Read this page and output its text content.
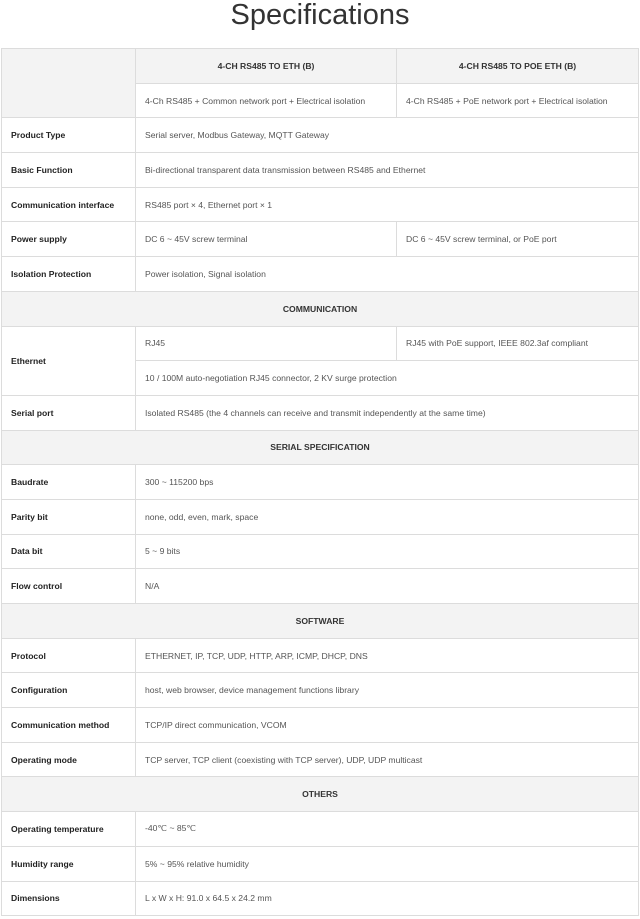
Specifications
	4-CH RS485 TO ETH (B)	4-CH RS485 TO POE ETH (B)
	4-Ch RS485 + Common network port + Electrical isolation	4-Ch RS485 + PoE network port + Electrical isolation
Product Type	Serial server, Modbus Gateway, MQTT Gateway	
Basic Function	Bi-directional transparent data transmission between RS485 and Ethernet	
Communication interface	RS485 port × 4, Ethernet port × 1	
Power supply	DC 6 ~ 45V screw terminal	DC 6 ~ 45V screw terminal, or PoE port
Isolation Protection	Power isolation, Signal isolation	
COMMUNICATION		
Ethernet	RJ45	RJ45 with PoE support, IEEE 802.3af compliant
	10 / 100M auto-negotiation RJ45 connector, 2 KV surge protection	
Serial port	Isolated RS485 (the 4 channels can receive and transmit independently at the same time)	
SERIAL SPECIFICATION		
Baudrate	300 ~ 115200 bps	
Parity bit	none, odd, even, mark, space	
Data bit	5 ~ 9 bits	
Flow control	N/A	
SOFTWARE		
Protocol	ETHERNET, IP, TCP, UDP, HTTP, ARP, ICMP, DHCP, DNS	
Configuration	host, web browser, device management functions library	
Communication method	TCP/IP direct communication, VCOM	
Operating mode	TCP server, TCP client (coexisting with TCP server), UDP, UDP multicast	
OTHERS		
Operating temperature	-40℃ ~ 85℃	
Humidity range	5% ~ 95% relative humidity	
Dimensions	L x W x H: 91.0 x 64.5 x 24.2 mm	
